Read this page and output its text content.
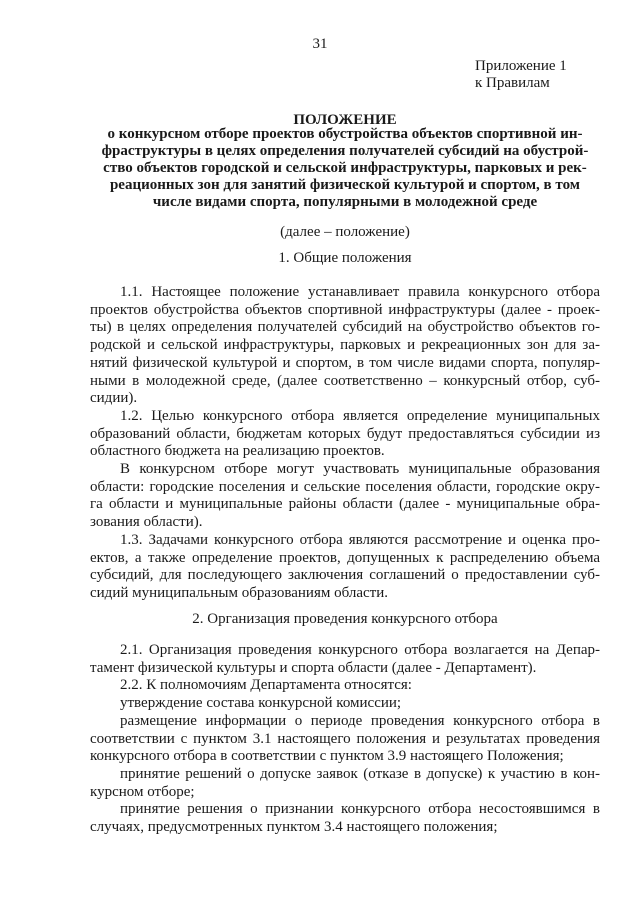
31
Приложение 1
к Правилам
ПОЛОЖЕНИЕ
о конкурсном отборе проектов обустройства объектов спортивной ин-
фраструктуры в целях определения получателей субсидий на обустрой-
ство объектов городской и сельской инфраструктуры, парковых и рек-
реационных зон для занятий физической культурой и спортом, в том
числе видами спорта, популярными в молодежной среде
(далее – положение)
1. Общие положения

1.1. Настоящее положение устанавливает правила конкурсного отбора
проектов обустройства объектов спортивной инфраструктуры (далее - проек-
ты) в целях определения получателей субсидий на обустройство объектов го-
родской и сельской инфраструктуры, парковых и рекреационных зон для за-
нятий физической культурой и спортом, в том числе видами спорта, популяр-
ными в молодежной среде, (далее соответственно – конкурсный отбор, суб-
сидии).

1.2. Целью конкурсного отбора является определение муниципальных
образований области, бюджетам которых будут предоставляться субсидии из
областного бюджета на реализацию проектов.

В конкурсном отборе могут участвовать муниципальные образования
области: городские поселения и сельские поселения области, городские окру-
га области и муниципальные районы области (далее - муниципальные обра-
зования области).

1.3. Задачами конкурсного отбора являются рассмотрение и оценка про-
ектов, а также определение проектов, допущенных к распределению объема
субсидий, для последующего заключения соглашений о предоставлении суб-
сидий муниципальным образованиям области.

2. Организация проведения конкурсного отбора

2.1. Организация проведения конкурсного отбора возлагается на Депар-
тамент физической культуры и спорта области (далее - Департамент).

2.2. К полномочиям Департамента относятся:

утверждение состава конкурсной комиссии;

размещение информации о периоде проведения конкурсного отбора в
соответствии с пунктом 3.1 настоящего положения и результатах проведения
конкурсного отбора в соответствии с пунктом 3.9 настоящего Положения;

принятие решений о допуске заявок (отказе в допуске) к участию в кон-
курсном отборе;

принятие решения о признании конкурсного отбора несостоявшимся в
случаях, предусмотренных пунктом 3.4 настоящего положения;
